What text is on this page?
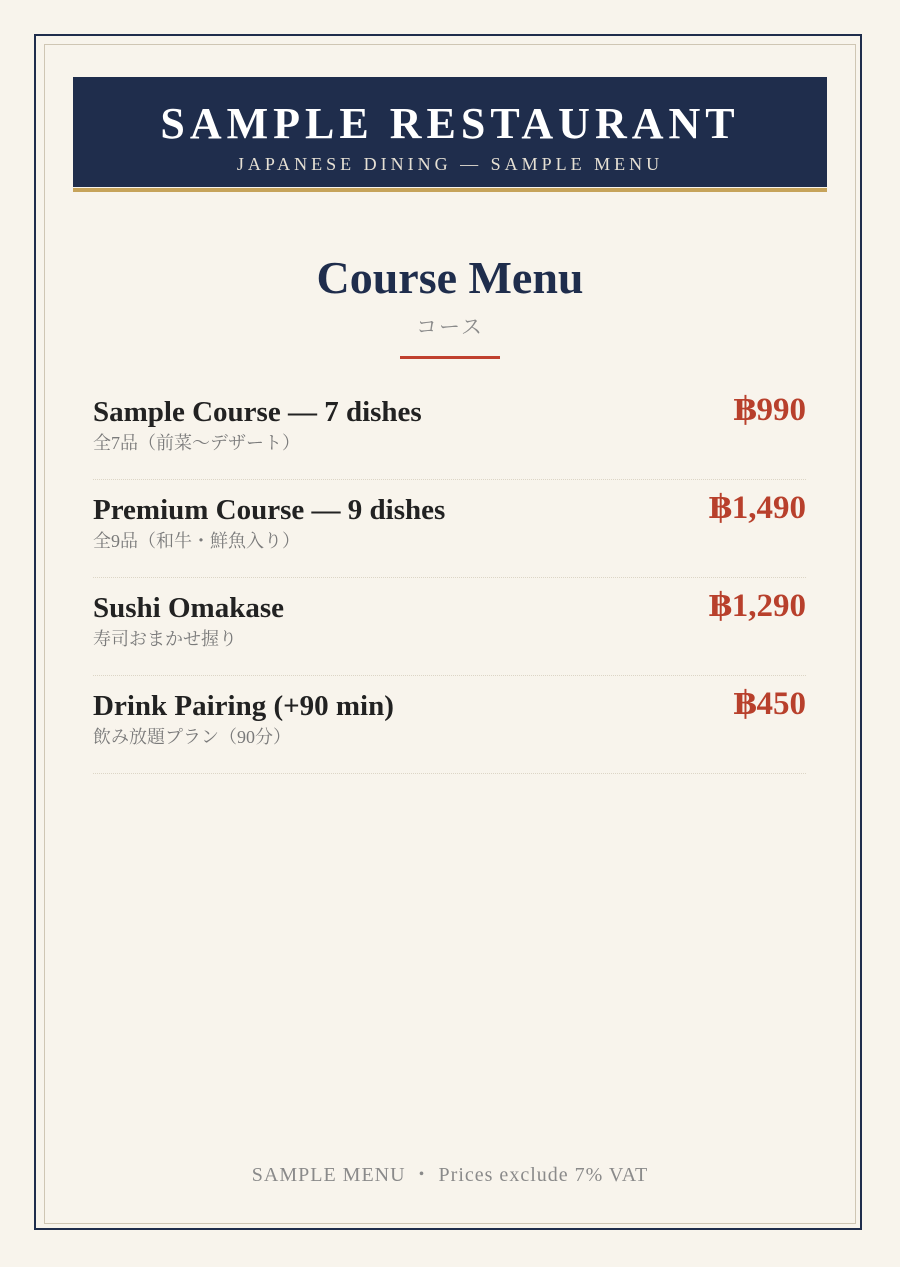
SAMPLE RESTAURANT
JAPANESE DINING — SAMPLE MENU
Course Menu
コース
Sample Course — 7 dishes
全7品（前菜〜デザート）
฿990
Premium Course — 9 dishes
全9品（和牛・鮮魚入り）
฿1,490
Sushi Omakase
寿司おまかせ握り
฿1,290
Drink Pairing (+90 min)
飲み放題プラン（90分）
฿450
SAMPLE MENU ・ Prices exclude 7% VAT
